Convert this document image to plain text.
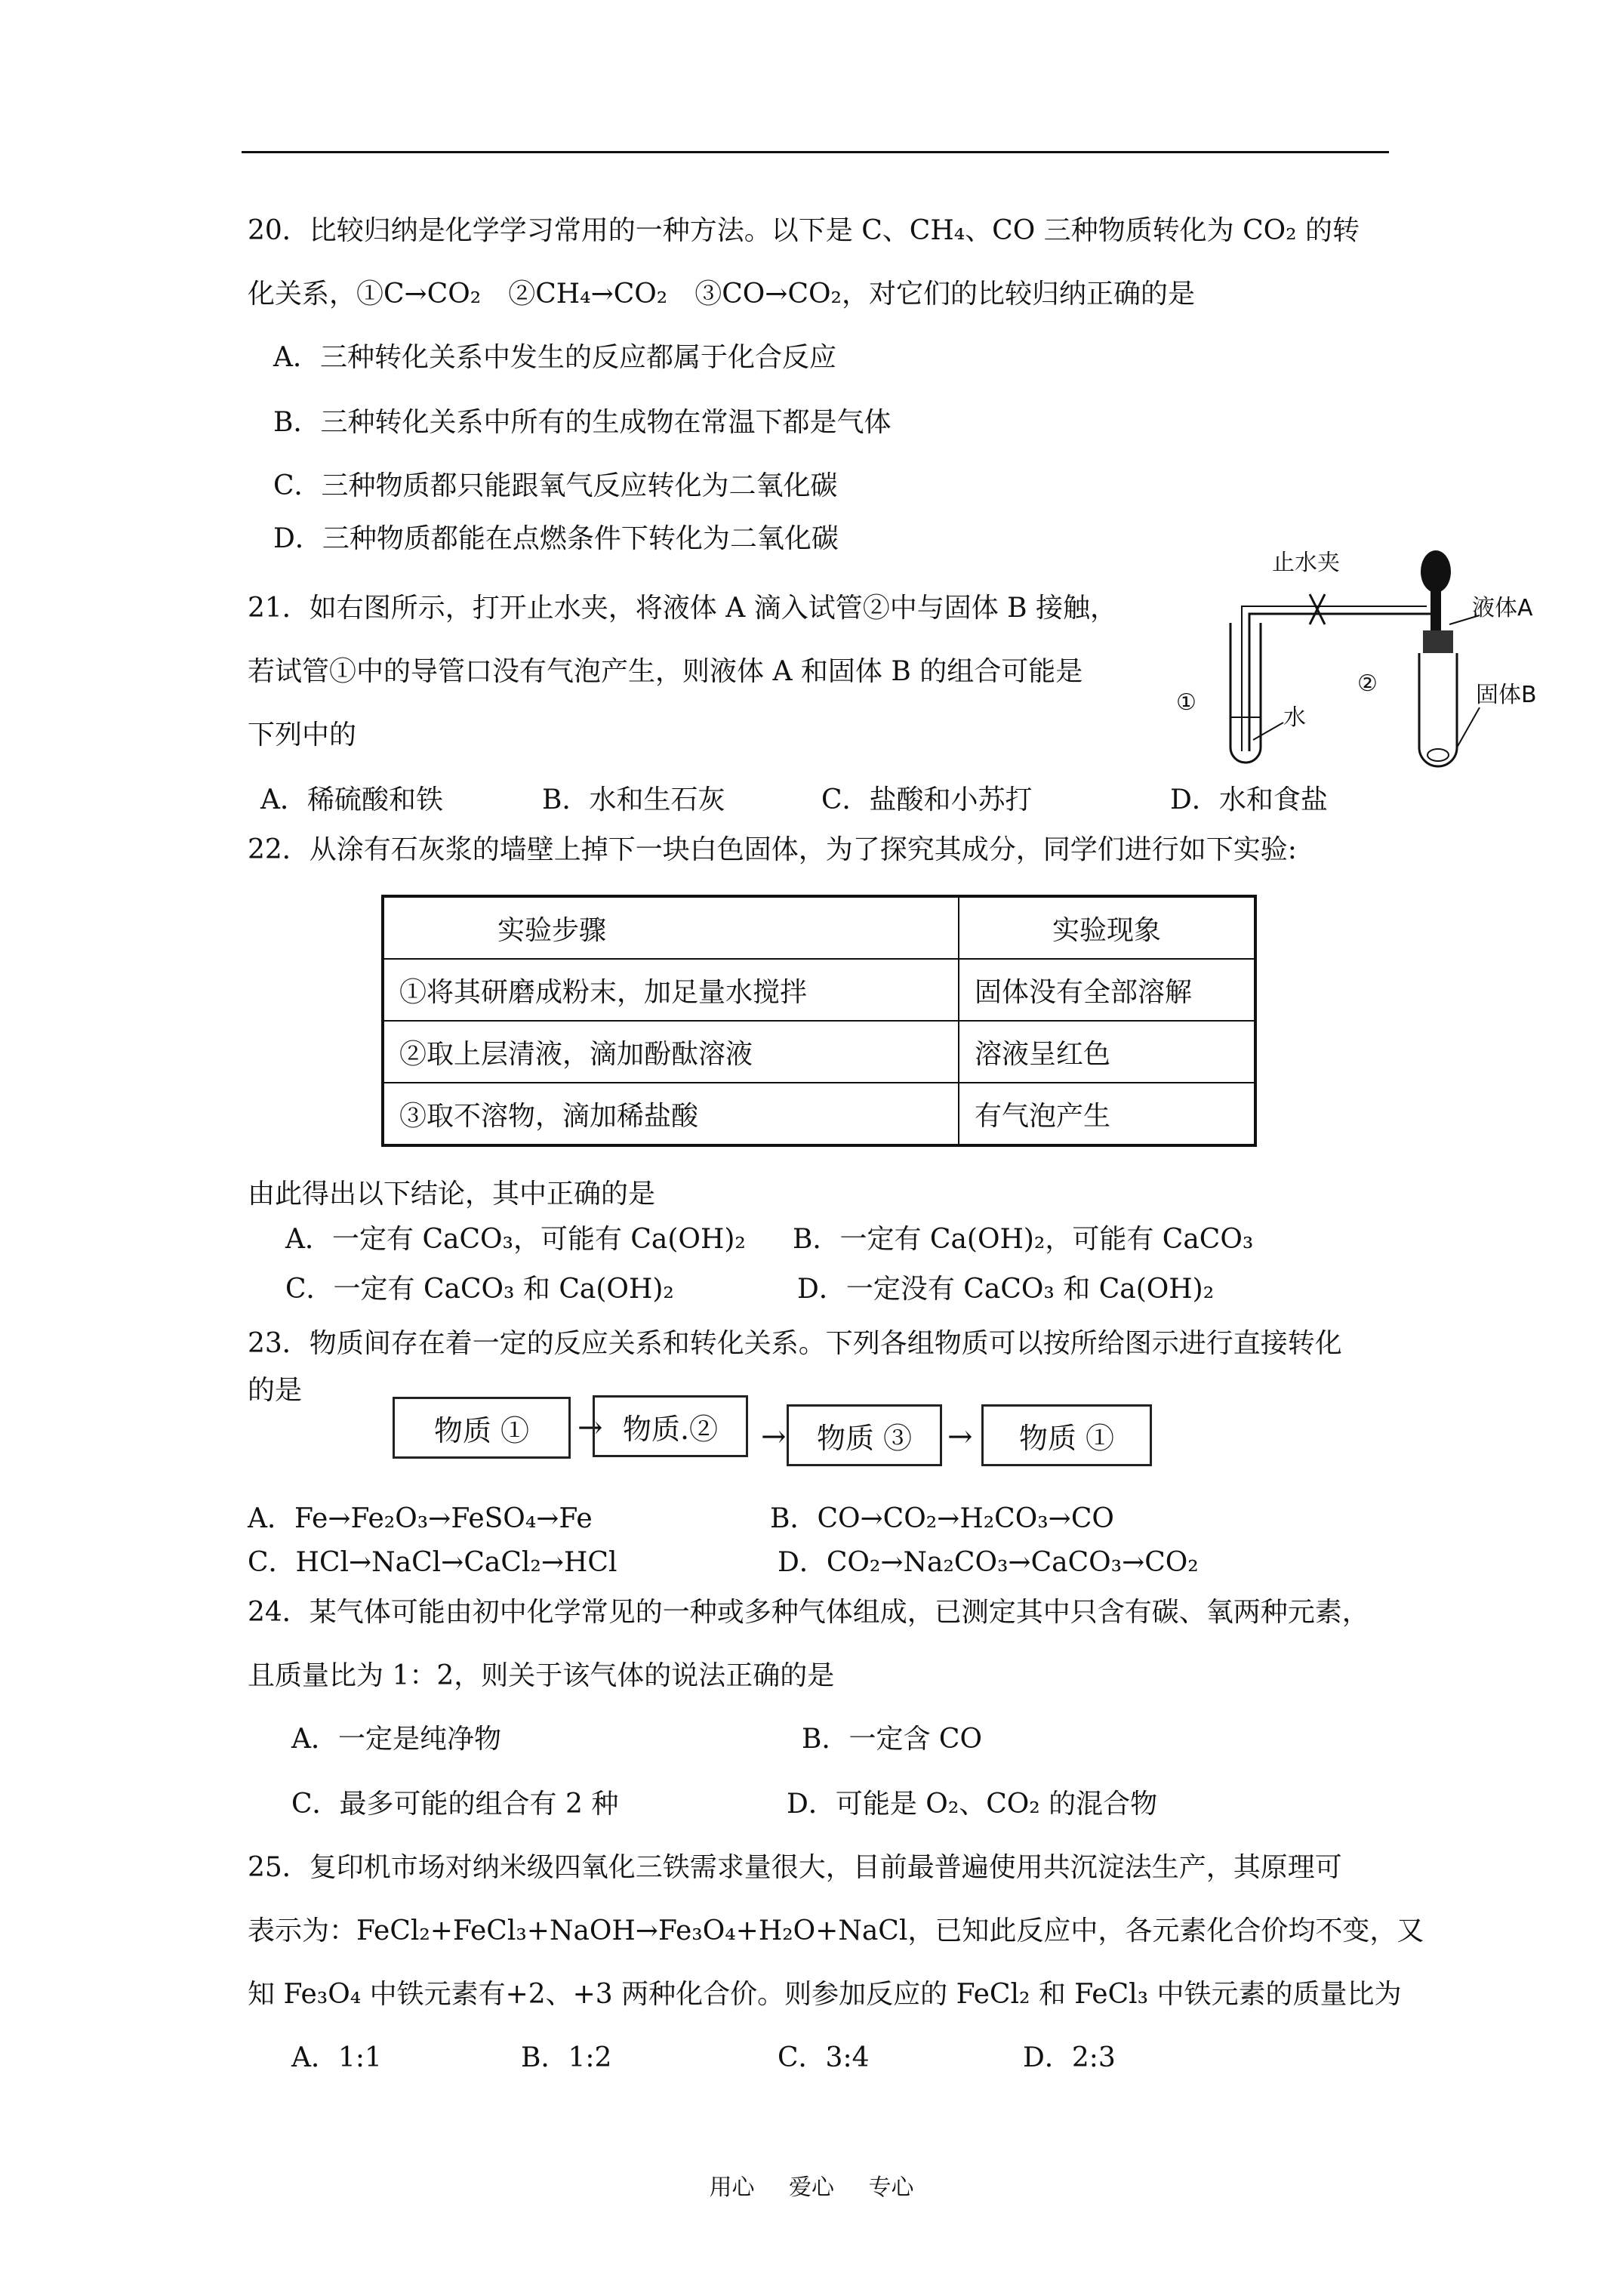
20．比较归纳是化学学习常用的一种方法。以下是 C、CH₄、CO 三种物质转化为 CO₂ 的转
化关系，①C→CO₂　②CH₄→CO₂　③CO→CO₂，对它们的比较归纳正确的是
A．三种转化关系中发生的反应都属于化合反应
B．三种转化关系中所有的生成物在常温下都是气体
C．三种物质都只能跟氧气反应转化为二氧化碳
D．三种物质都能在点燃条件下转化为二氧化碳
21．如右图所示，打开止水夹，将液体 A 滴入试管②中与固体 B 接触，
若试管①中的导管口没有气泡产生，则液体 A 和固体 B 的组合可能是
下列中的
A．稀硫酸和铁	B．水和生石灰	C．盐酸和小苏打	D．水和食盐
止水夹
液体A
固体B
水
①
②
22．从涂有石灰浆的墙壁上掉下一块白色固体，为了探究其成分，同学们进行如下实验:
实验步骤	实验现象
①将其研磨成粉末，加足量水搅拌	固体没有全部溶解
②取上层清液，滴加酚酞溶液	溶液呈红色
③取不溶物，滴加稀盐酸	有气泡产生
由此得出以下结论，其中正确的是
A．一定有 CaCO₃，可能有 Ca(OH)₂ B．一定有 Ca(OH)₂，可能有 CaCO₃
C．一定有 CaCO₃ 和 Ca(OH)₂	D．一定没有 CaCO₃ 和 Ca(OH)₂
23．物质间存在着一定的反应关系和转化关系。下列各组物质可以按所给图示进行直接转化
的是
物质 ①	→ 物质.②	→	物质 ③	→	物质 ①
A．Fe→Fe₂O₃→FeSO₄→Fe	B．CO→CO₂→H₂CO₃→CO
C．HCl→NaCl→CaCl₂→HCl	D．CO₂→Na₂CO₃→CaCO₃→CO₂
24．某气体可能由初中化学常见的一种或多种气体组成，已测定其中只含有碳、氧两种元素，
且质量比为 1：2，则关于该气体的说法正确的是
A．一定是纯净物	B．一定含 CO
C．最多可能的组合有 2 种	D．可能是 O₂、CO₂ 的混合物
25．复印机市场对纳米级四氧化三铁需求量很大，目前最普遍使用共沉淀法生产，其原理可
表示为：FeCl₂+FeCl₃+NaOH→Fe₃O₄+H₂O+NaCl，已知此反应中，各元素化合价均不变，又
知 Fe₃O₄ 中铁元素有+2、+3 两种化合价。则参加反应的 FeCl₂ 和 FeCl₃ 中铁元素的质量比为
A．1:1	B．1:2	C．3:4	D．2:3
用心 爱心 专心
